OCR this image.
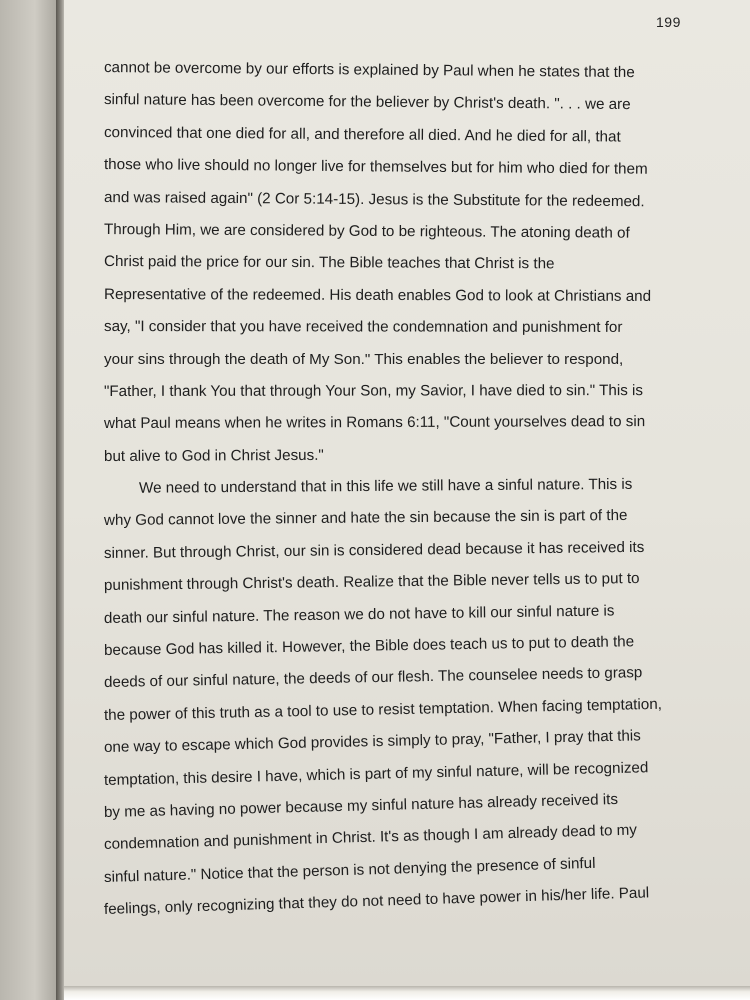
199
cannot be overcome by our efforts is explained by Paul when he states that the
sinful nature has been overcome for the believer by Christ's death. ". . . we are
convinced that one died for all, and therefore all died. And he died for all, that
those who live should no longer live for themselves but for him who died for them
and was raised again" (2 Cor 5:14-15). Jesus is the Substitute for the redeemed.
Through Him, we are considered by God to be righteous. The atoning death of
Christ paid the price for our sin. The Bible teaches that Christ is the
Representative of the redeemed. His death enables God to look at Christians and
say, "I consider that you have received the condemnation and punishment for
your sins through the death of My Son." This enables the believer to respond,
"Father, I thank You that through Your Son, my Savior, I have died to sin." This is
what Paul means when he writes in Romans 6:11, "Count yourselves dead to sin
but alive to God in Christ Jesus."
We need to understand that in this life we still have a sinful nature. This is
why God cannot love the sinner and hate the sin because the sin is part of the
sinner. But through Christ, our sin is considered dead because it has received its
punishment through Christ's death. Realize that the Bible never tells us to put to
death our sinful nature. The reason we do not have to kill our sinful nature is
because God has killed it. However, the Bible does teach us to put to death the
deeds of our sinful nature, the deeds of our flesh. The counselee needs to grasp
the power of this truth as a tool to use to resist temptation. When facing temptation,
one way to escape which God provides is simply to pray, "Father, I pray that this
temptation, this desire I have, which is part of my sinful nature, will be recognized
by me as having no power because my sinful nature has already received its
condemnation and punishment in Christ. It's as though I am already dead to my
sinful nature." Notice that the person is not denying the presence of sinful
feelings, only recognizing that they do not need to have power in his/her life. Paul
